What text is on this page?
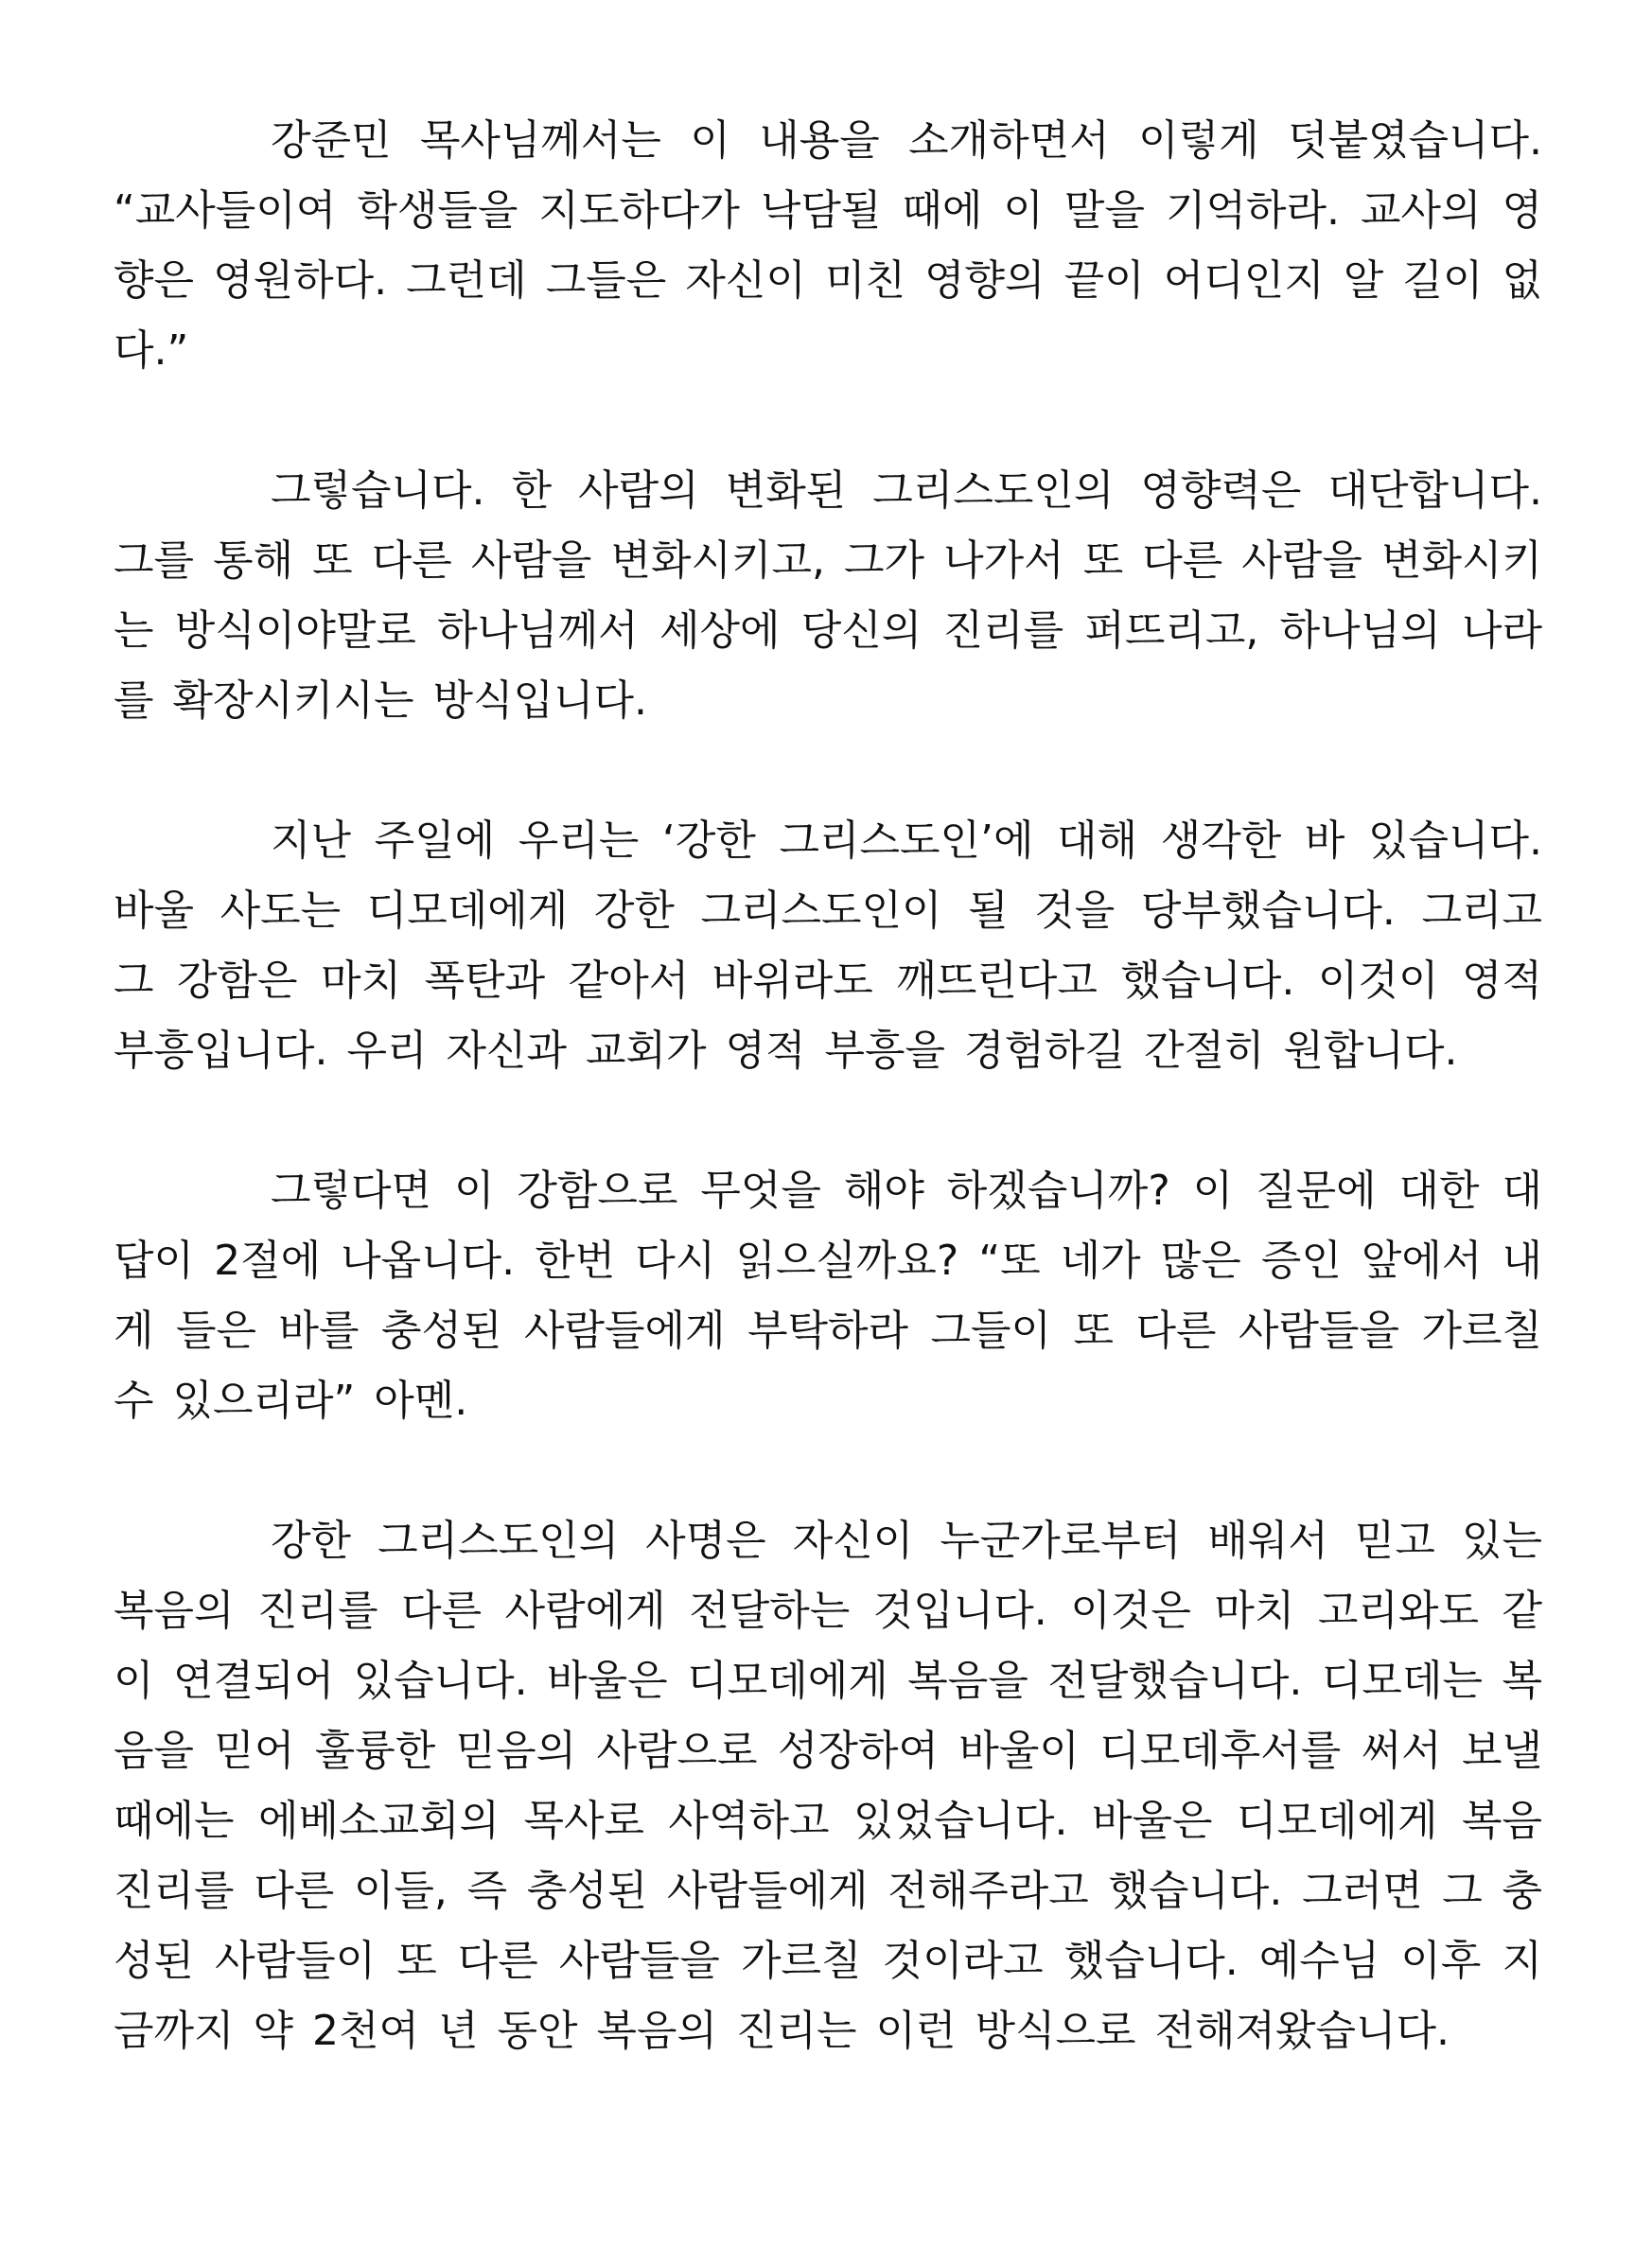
강준민 목사님께서는 이 내용을 소개하면서 이렇게 덧붙였습니다. “교사들이여 학생들을 지도하다가 낙담될 때에 이 말을 기억하라. 교사의 영향은 영원하다. 그런데 그들은 자신이 미친 영향의 끝이 어디인지 알 길이 없다.”

그렇습니다. 한 사람의 변화된 그리스도인의 영향력은 대단합니다. 그를 통해 또 다른 사람을 변화시키고, 그가 나가서 또 다른 사람을 변화시키는 방식이야말로 하나님께서 세상에 당신의 진리를 퍼뜨리고, 하나님의 나라를 확장시키시는 방식입니다.

지난 주일에 우리는 ‘강한 그리스도인’에 대해 생각한 바 있습니다. 바울 사도는 디모데에게 강한 그리스도인이 될 것을 당부했습니다. 그리고 그 강함은 마치 폭탄과 같아서 바위라도 깨뜨린다고 했습니다. 이것이 영적 부흥입니다. 우리 자신과 교회가 영적 부흥을 경험하길 간절히 원합니다.

그렇다면 이 강함으로 무엇을 해야 하겠습니까? 이 질문에 대한 대답이 2절에 나옵니다. 한번 다시 읽으실까요? “또 네가 많은 증인 앞에서 내게 들은 바를 충성된 사람들에게 부탁하라 그들이 또 다른 사람들을 가르칠 수 있으리라” 아멘.

강한 그리스도인의 사명은 자신이 누군가로부터 배워서 믿고 있는 복음의 진리를 다른 사람에게 전달하는 것입니다. 이것은 마치 고리와도 같이 연결되어 있습니다. 바울은 디모데에게 복음을 전달했습니다. 디모데는 복음을 믿어 훌륭한 믿음의 사람으로 성장하여 바울이 디모데후서를 써서 보낼 때에는 에베소교회의 목사로 사역하고 있었습니다. 바울은 디모데에게 복음 진리를 다른 이들, 즉 충성된 사람들에게 전해주라고 했습니다. 그러면 그 충성된 사람들이 또 다른 사람들을 가르칠 것이라고 했습니다. 예수님 이후 지금까지 약 2천여 년 동안 복음의 진리는 이런 방식으로 전해져왔습니다.
